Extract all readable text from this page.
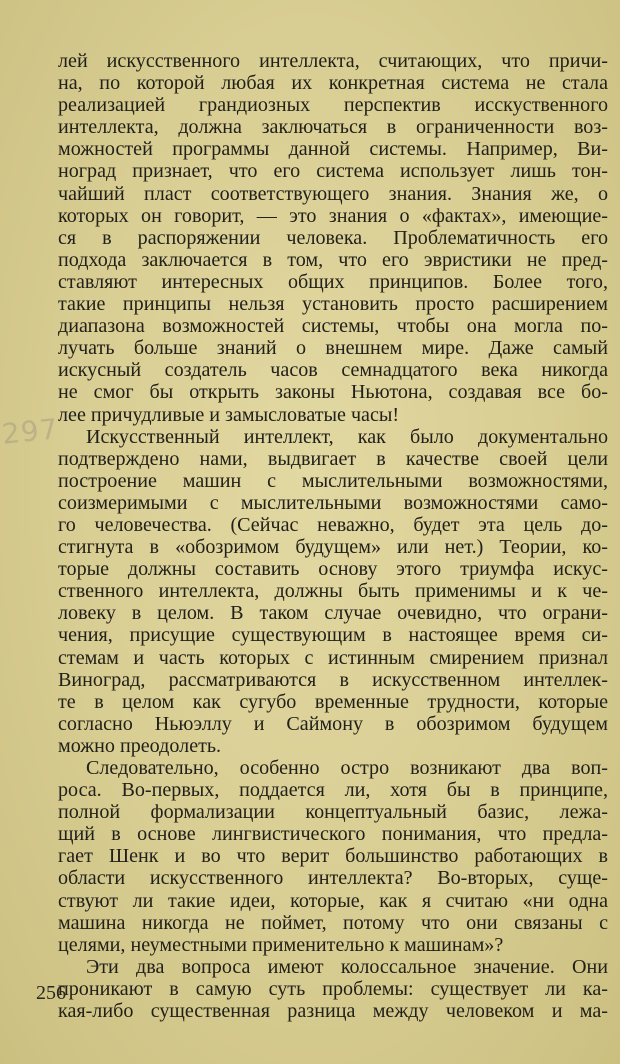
297
лей искусственного интеллекта, считающих, что причи-
на, по которой любая их конкретная система не стала
реализацией грандиозных перспектив исскуственного
интеллекта, должна заключаться в ограниченности воз-
можностей программы данной системы. Например, Ви-
ноград признает, что его система использует лишь тон-
чайший пласт соответствующего знания. Знания же, о
которых он говорит, — это знания о «фактах», имеющие-
ся в распоряжении человека. Проблематичность его
подхода заключается в том, что его эвристики не пред-
ставляют интересных общих принципов. Более того,
такие принципы нельзя установить просто расширением
диапазона возможностей системы, чтобы она могла по-
лучать больше знаний о внешнем мире. Даже самый
искусный создатель часов семнадцатого века никогда
не смог бы открыть законы Ньютона, создавая все бо-
лее причудливые и замысловатые часы!
Искусственный интеллект, как было документально
подтверждено нами, выдвигает в качестве своей цели
построение машин с мыслительными возможностями,
соизмеримыми с мыслительными возможностями само-
го человечества. (Сейчас неважно, будет эта цель до-
стигнута в «обозримом будущем» или нет.) Теории, ко-
торые должны составить основу этого триумфа искус-
ственного интеллекта, должны быть применимы и к че-
ловеку в целом. В таком случае очевидно, что ограни-
чения, присущие существующим в настоящее время си-
стемам и часть которых с истинным смирением признал
Виноград, рассматриваются в искусственном интеллек-
те в целом как сугубо временные трудности, которые
согласно Ньюэллу и Саймону в обозримом будущем
можно преодолеть.
Следовательно, особенно остро возникают два воп-
роса. Во-первых, поддается ли, хотя бы в принципе,
полной формализации концептуальный базис, лежа-
щий в основе лингвистического понимания, что предла-
гает Шенк и во что верит большинство работающих в
области искусственного интеллекта? Во-вторых, суще-
ствуют ли такие идеи, которые, как я считаю «ни одна
машина никогда не поймет, потому что они связаны с
целями, неуместными применительно к машинам»?
Эти два вопроса имеют колоссальное значение. Они
проникают в самую суть проблемы: существует ли ка-
кая-либо существенная разница между человеком и ма-
256
